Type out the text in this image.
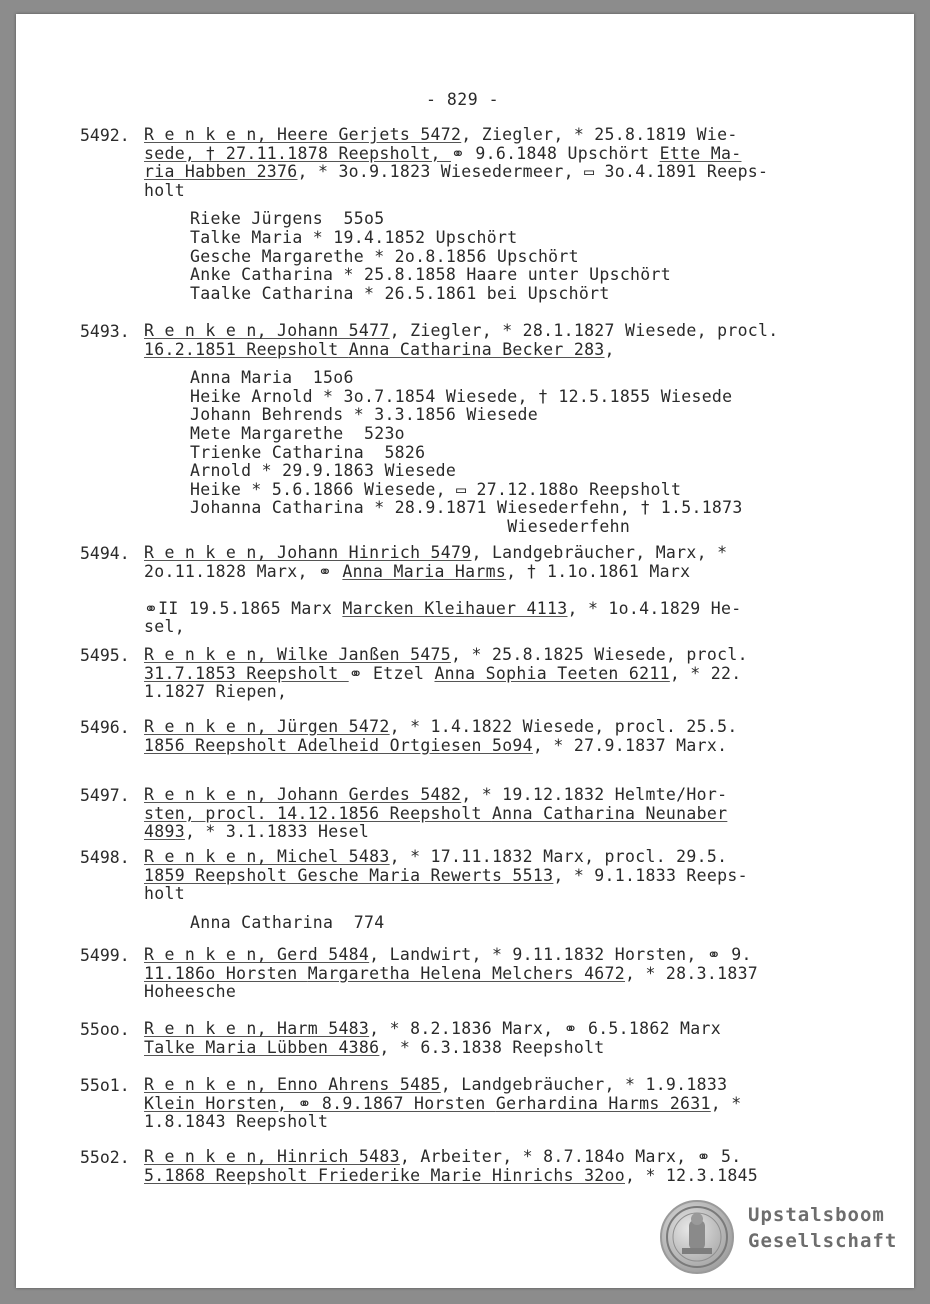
- 829 -
5492. R e n k e n, Heere Gerjets 5472, Ziegler, * 25.8.1819 Wie-
sede, † 27.11.1878 Reepsholt, ⚭ 9.6.1848 Upschört Ette Ma-
ria Habben 2376, * 3o.9.1823 Wiesedermeer, ▭ 3o.4.1891 Reeps-
holt
Rieke Jürgens  55o5
Talke Maria * 19.4.1852 Upschört
Gesche Margarethe * 2o.8.1856 Upschört
Anke Catharina * 25.8.1858 Haare unter Upschört
Taalke Catharina * 26.5.1861 bei Upschört
5493. R e n k e n, Johann 5477, Ziegler, * 28.1.1827 Wiesede, procl.
16.2.1851 Reepsholt Anna Catharina Becker 283,
Anna Maria  15o6
Heike Arnold * 3o.7.1854 Wiesede, † 12.5.1855 Wiesede
Johann Behrends * 3.3.1856 Wiesede
Mete Margarethe  523o
Trienke Catharina  5826
Arnold * 29.9.1863 Wiesede
Heike * 5.6.1866 Wiesede, ▭ 27.12.188o Reepsholt
Johanna Catharina * 28.9.1871 Wiesederfehn, † 1.5.1873
Wiesederfehn
5494. R e n k e n, Johann Hinrich 5479, Landgebräucher, Marx, *
2o.11.1828 Marx, ⚭ Anna Maria Harms, † 1.1o.1861 Marx
⚭II 19.5.1865 Marx Marcken Kleihauer 4113, * 1o.4.1829 He-
sel,
5495. R e n k e n, Wilke Janßen 5475, * 25.8.1825 Wiesede, procl.
31.7.1853 Reepsholt ⚭ Etzel Anna Sophia Teeten 6211, * 22.
1.1827 Riepen,
5496. R e n k e n, Jürgen 5472, * 1.4.1822 Wiesede, procl. 25.5.
1856 Reepsholt Adelheid Ortgiesen 5o94, * 27.9.1837 Marx.
5497. R e n k e n, Johann Gerdes 5482, * 19.12.1832 Helmte/Hor-
sten, procl. 14.12.1856 Reepsholt Anna Catharina Neunaber
4893, * 3.1.1833 Hesel
5498. R e n k e n, Michel 5483, * 17.11.1832 Marx, procl. 29.5.
1859 Reepsholt Gesche Maria Rewerts 5513, * 9.1.1833 Reeps-
holt
Anna Catharina  774
5499. R e n k e n, Gerd 5484, Landwirt, * 9.11.1832 Horsten, ⚭ 9.
11.186o Horsten Margaretha Helena Melchers 4672, * 28.3.1837
Hoheesche
55oo. R e n k e n, Harm 5483, * 8.2.1836 Marx, ⚭ 6.5.1862 Marx
Talke Maria Lübben 4386, * 6.3.1838 Reepsholt
55o1. R e n k e n, Enno Ahrens 5485, Landgebräucher, * 1.9.1833
Klein Horsten, ⚭ 8.9.1867 Horsten Gerhardina Harms 2631, *
1.8.1843 Reepsholt
55o2. R e n k e n, Hinrich 5483, Arbeiter, * 8.7.184o Marx, ⚭ 5.
5.1868 Reepsholt Friederike Marie Hinrichs 32oo, * 12.3.1845
Upstalsboom
Gesellschaft
